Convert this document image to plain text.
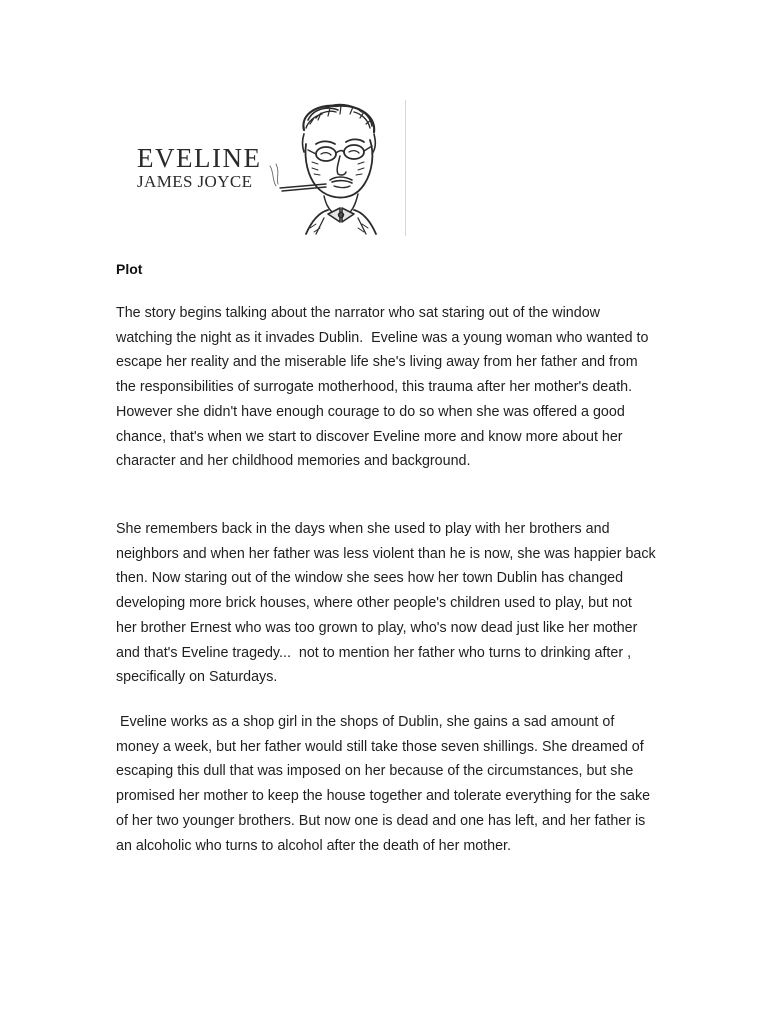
EVELINE
JAMES JOYCE
Plot

The story begins talking about the narrator who sat staring out of the window watching the night as it invades Dublin.  Eveline was a young woman who wanted to escape her reality and the miserable life she's living away from her father and from the responsibilities of surrogate motherhood, this trauma after her mother's death. However she didn't have enough courage to do so when she was offered a good chance, that's when we start to discover Eveline more and know more about her character and her childhood memories and background.

She remembers back in the days when she used to play with her brothers and neighbors and when her father was less violent than he is now, she was happier back then. Now staring out of the window she sees how her town Dublin has changed developing more brick houses, where other people's children used to play, but not her brother Ernest who was too grown to play, who's now dead just like her mother and that's Eveline tragedy...  not to mention her father who turns to drinking after , specifically on Saturdays.

Eveline works as a shop girl in the shops of Dublin, she gains a sad amount of money a week, but her father would still take those seven shillings. She dreamed of escaping this dull that was imposed on her because of the circumstances, but she promised her mother to keep the house together and tolerate everything for the sake of her two younger brothers. But now one is dead and one has left, and her father is an alcoholic who turns to alcohol after the death of her mother.
